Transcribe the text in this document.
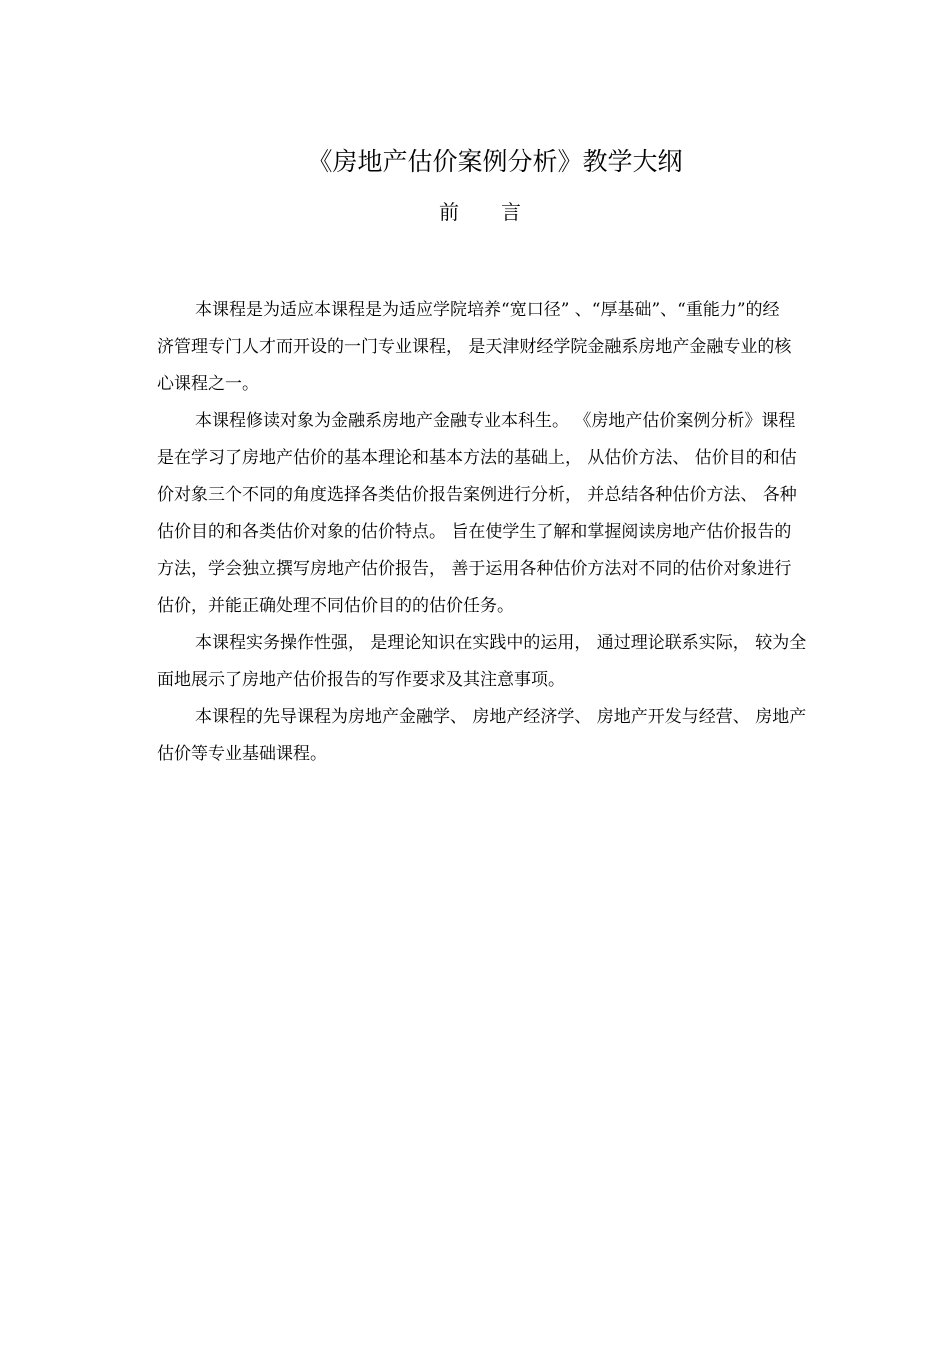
《房地产估价案例分析》教学大纲
前言

本课程是为适应本课程是为适应学院培养“宽口径” 、“厚基础”、“重能力”的经
济管理专门人才而开设的一门专业课程， 是天津财经学院金融系房地产金融专业的核
心课程之一。

本课程修读对象为金融系房地产金融专业本科生。 《房地产估价案例分析》课程
是在学习了房地产估价的基本理论和基本方法的基础上， 从估价方法、 估价目的和估
价对象三个不同的角度选择各类估价报告案例进行分析， 并总结各种估价方法、 各种
估价目的和各类估价对象的估价特点。 旨在使学生了解和掌握阅读房地产估价报告的
方法，学会独立撰写房地产估价报告， 善于运用各种估价方法对不同的估价对象进行
估价，并能正确处理不同估价目的的估价任务。

本课程实务操作性强， 是理论知识在实践中的运用， 通过理论联系实际， 较为全
面地展示了房地产估价报告的写作要求及其注意事项。

本课程的先导课程为房地产金融学、 房地产经济学、 房地产开发与经营、 房地产
估价等专业基础课程。
